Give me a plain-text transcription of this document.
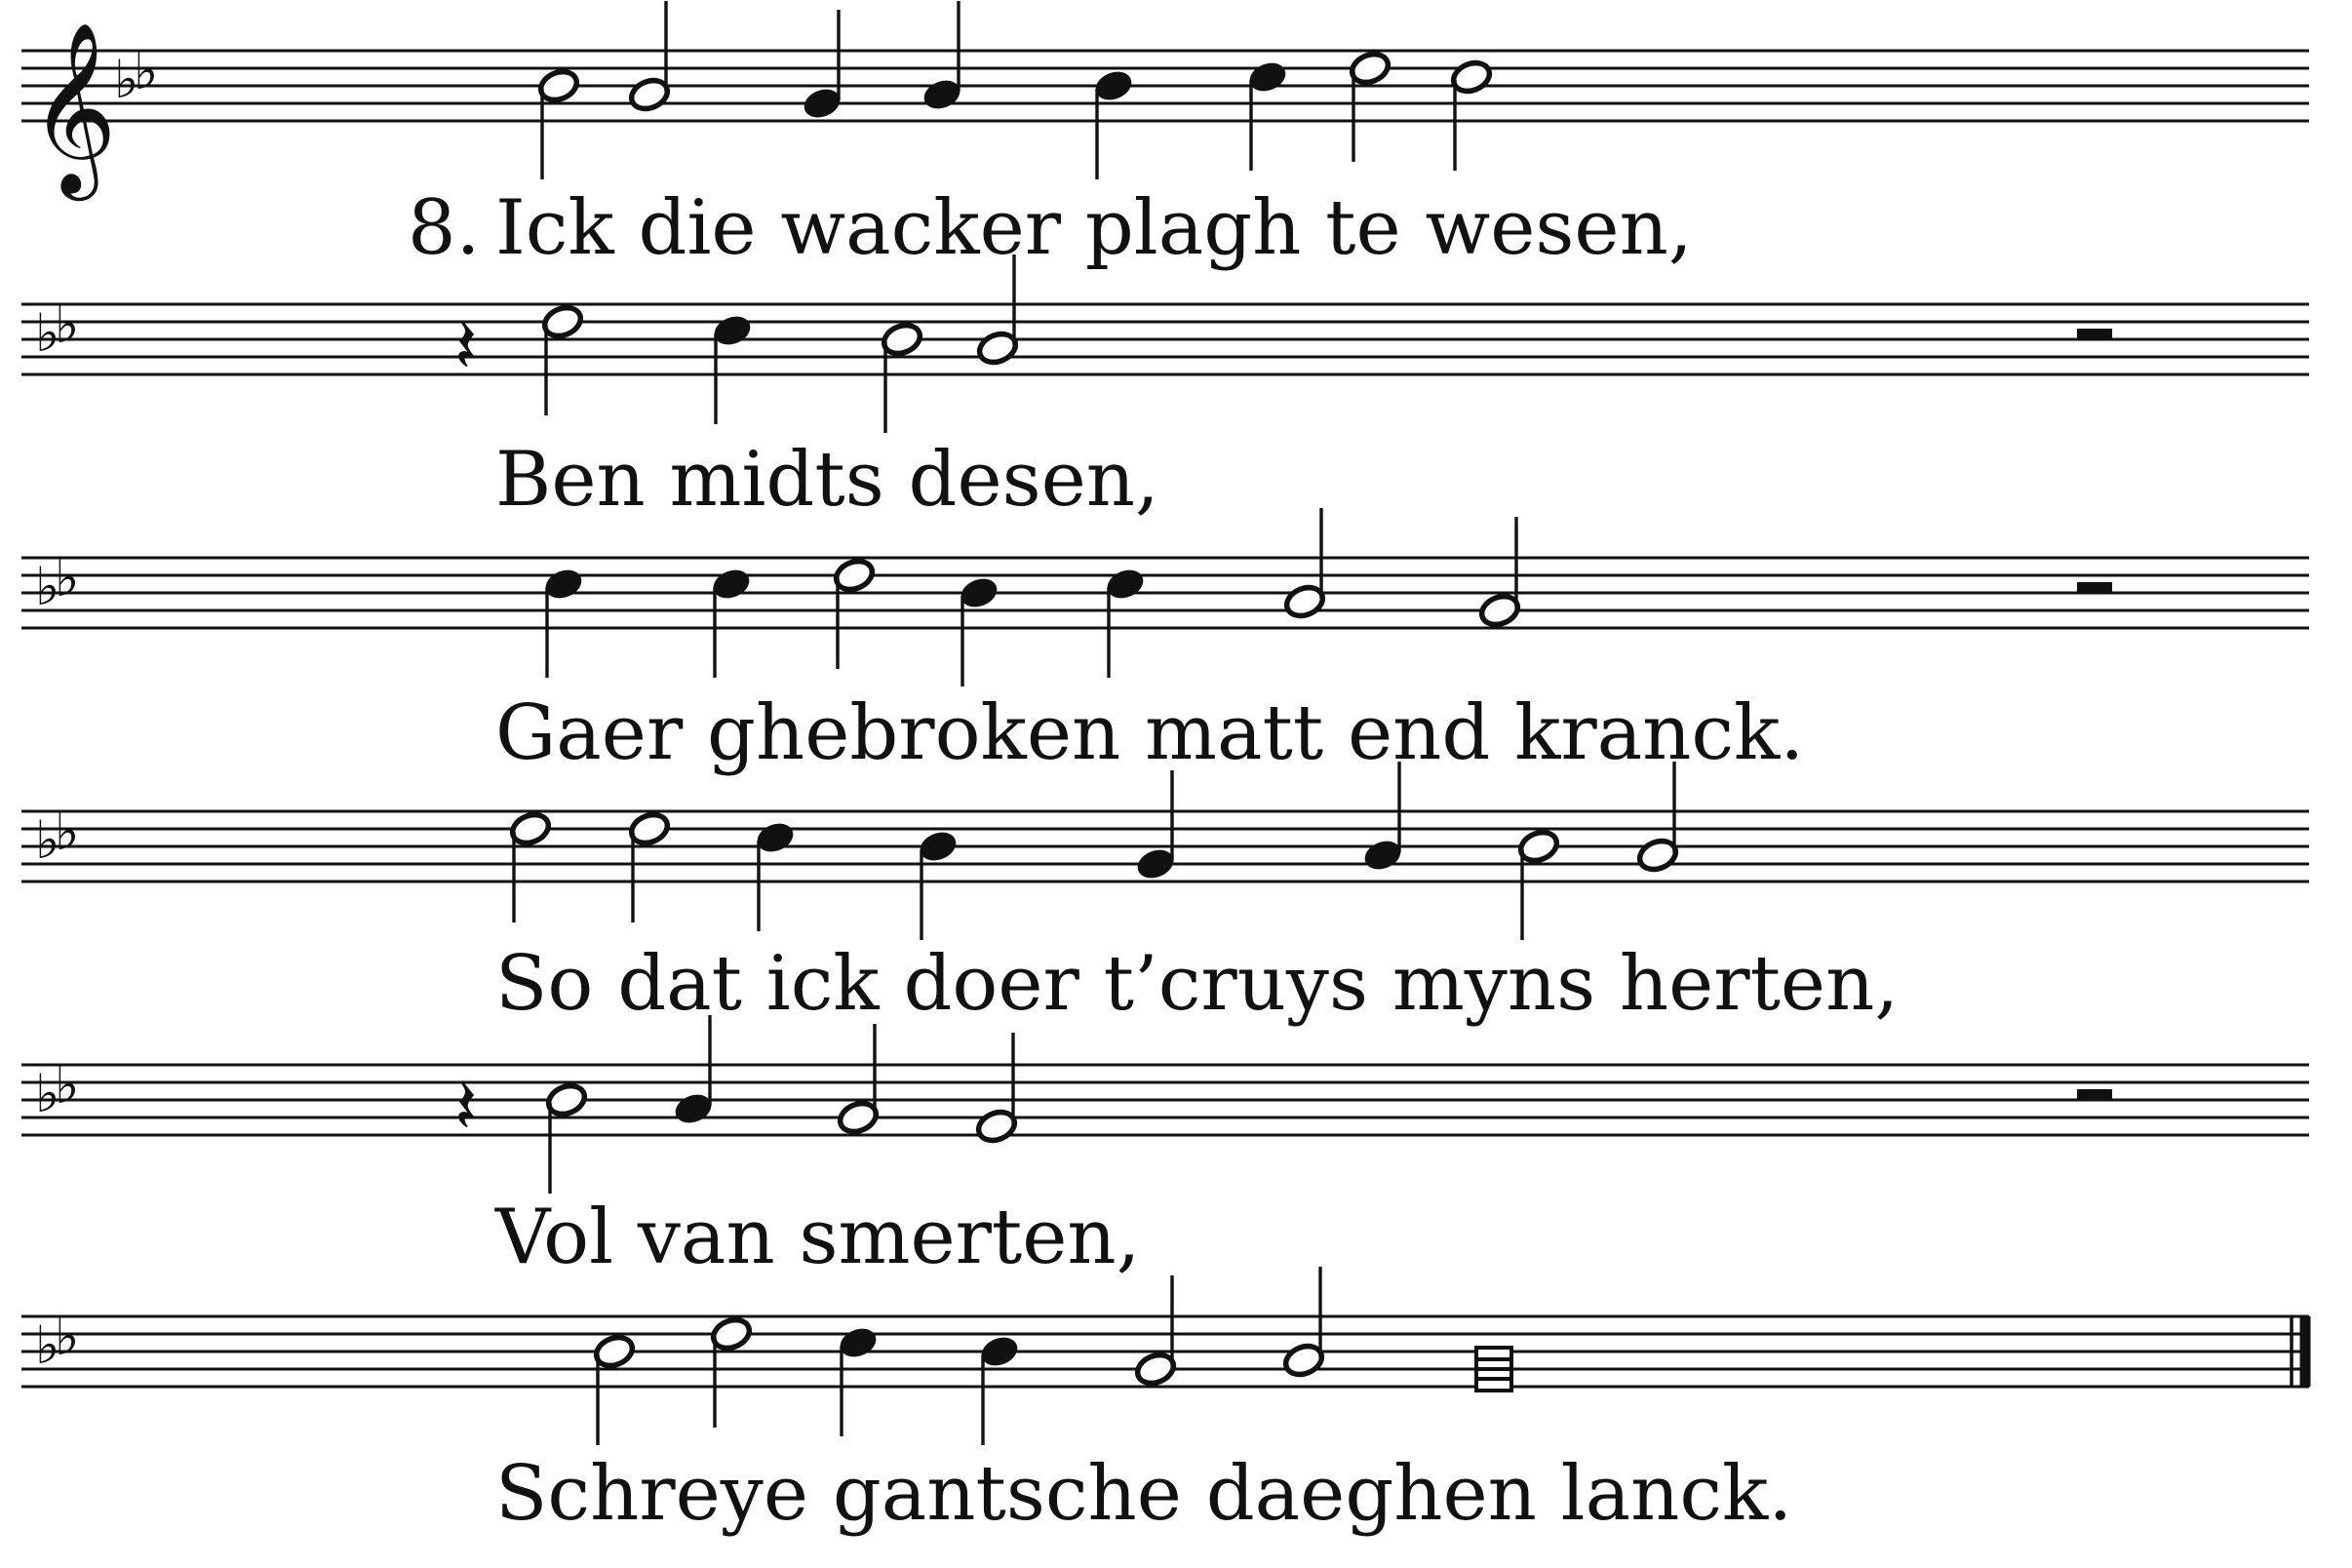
𝄞
♭
♭
8. Ick die wacker plagh te wesen,
♭
♭	𝄽
Ben midts desen,
♭
♭
Gaer ghebroken matt end kranck.
♭
♭
So dat ick doer t’cruys myns herten,
♭
♭	𝄽
Vol van smerten,
♭
♭
Schreye gantsche daeghen lanck.
